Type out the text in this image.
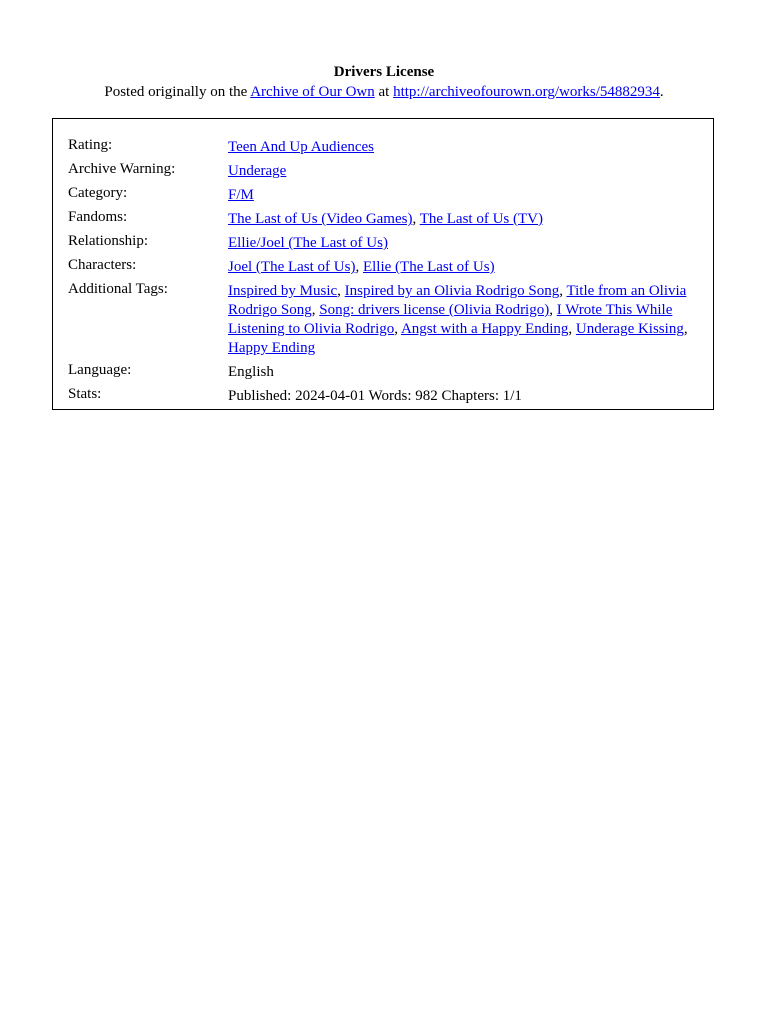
Drivers License
Posted originally on the Archive of Our Own at http://archiveofourown.org/works/54882934.
Rating:	Teen And Up Audiences

Archive Warning:	Underage

Category:	F/M

Fandoms:	The Last of Us (Video Games), The Last of Us (TV)

Relationship:	Ellie/Joel (The Last of Us)

Characters:	Joel (The Last of Us), Ellie (The Last of Us)

Additional Tags:	Inspired by Music, Inspired by an Olivia Rodrigo Song, Title from an Olivia Rodrigo Song, Song: drivers license (Olivia Rodrigo), I Wrote This While Listening to Olivia Rodrigo, Angst with a Happy Ending, Underage Kissing, Happy Ending

Language:	English

Stats:	Published: 2024-04-01 Words: 982 Chapters: 1/1
